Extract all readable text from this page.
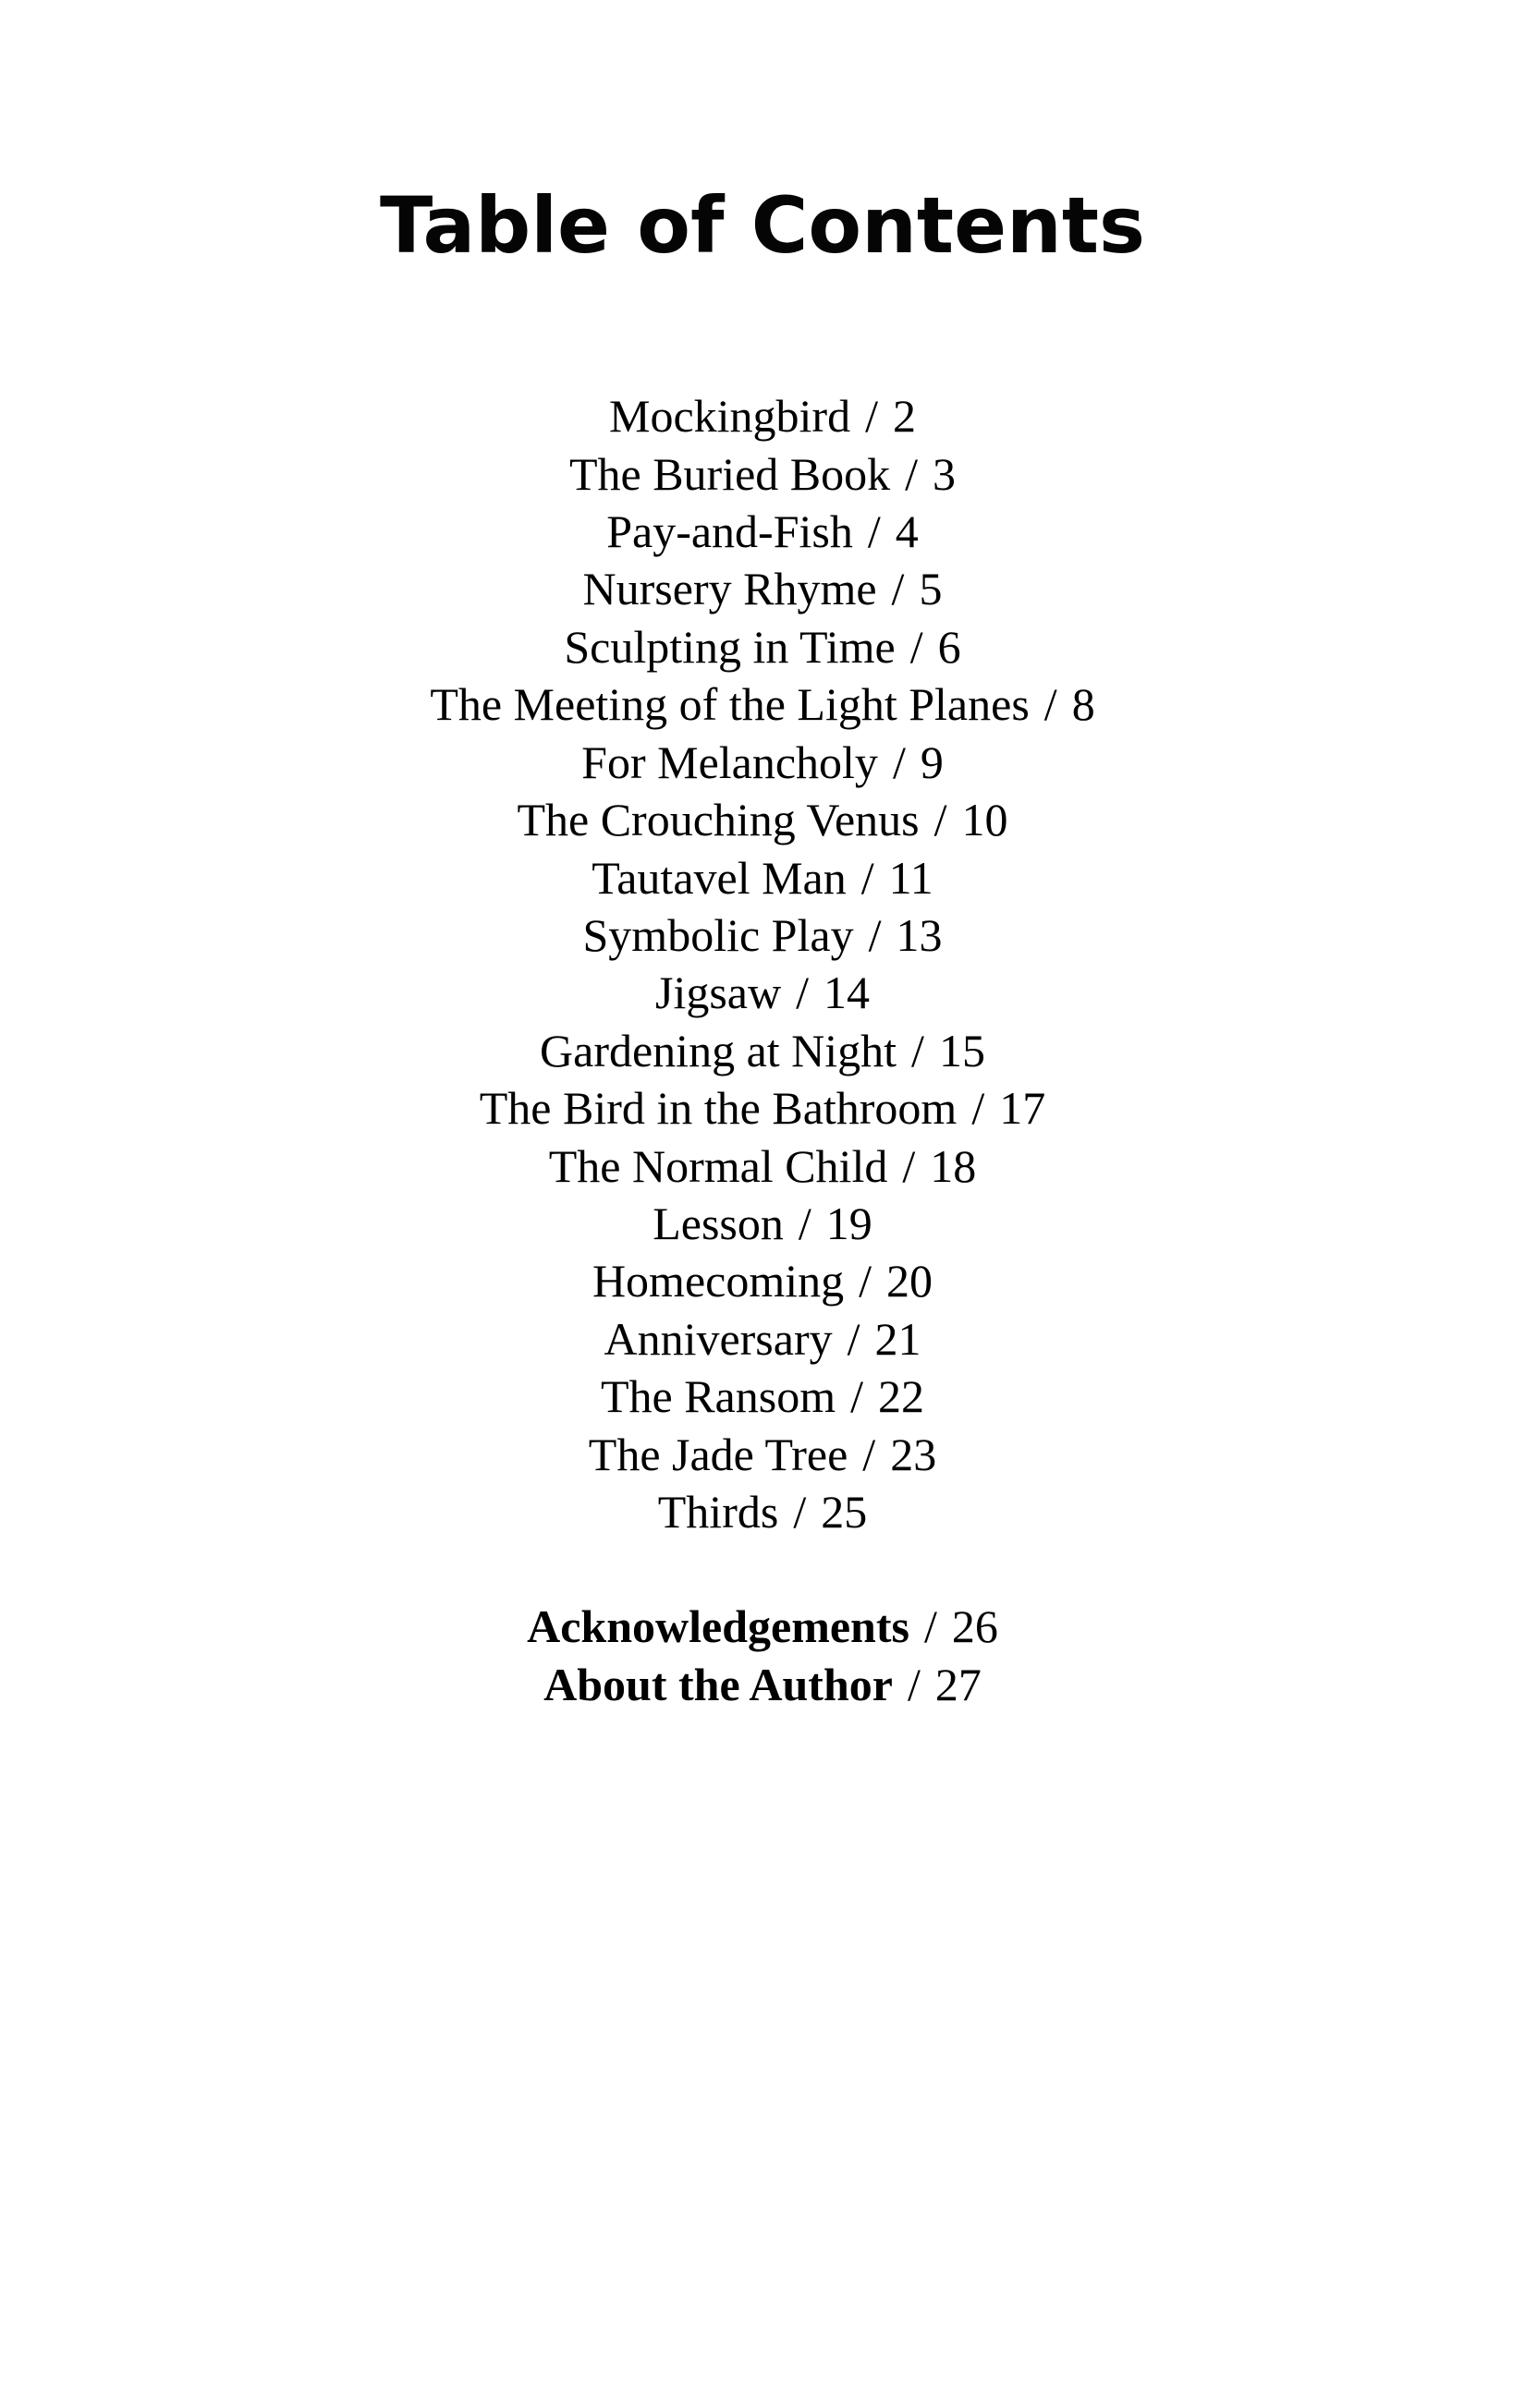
Table of Contents
Mockingbird / 2
The Buried Book / 3
Pay-and-Fish / 4
Nursery Rhyme / 5
Sculpting in Time / 6
The Meeting of the Light Planes / 8
For Melancholy / 9
The Crouching Venus / 10
Tautavel Man / 11
Symbolic Play / 13
Jigsaw / 14
Gardening at Night / 15
The Bird in the Bathroom / 17
The Normal Child / 18
Lesson / 19
Homecoming / 20
Anniversary / 21
The Ransom / 22
The Jade Tree / 23
Thirds / 25
Acknowledgements / 26
About the Author / 27
